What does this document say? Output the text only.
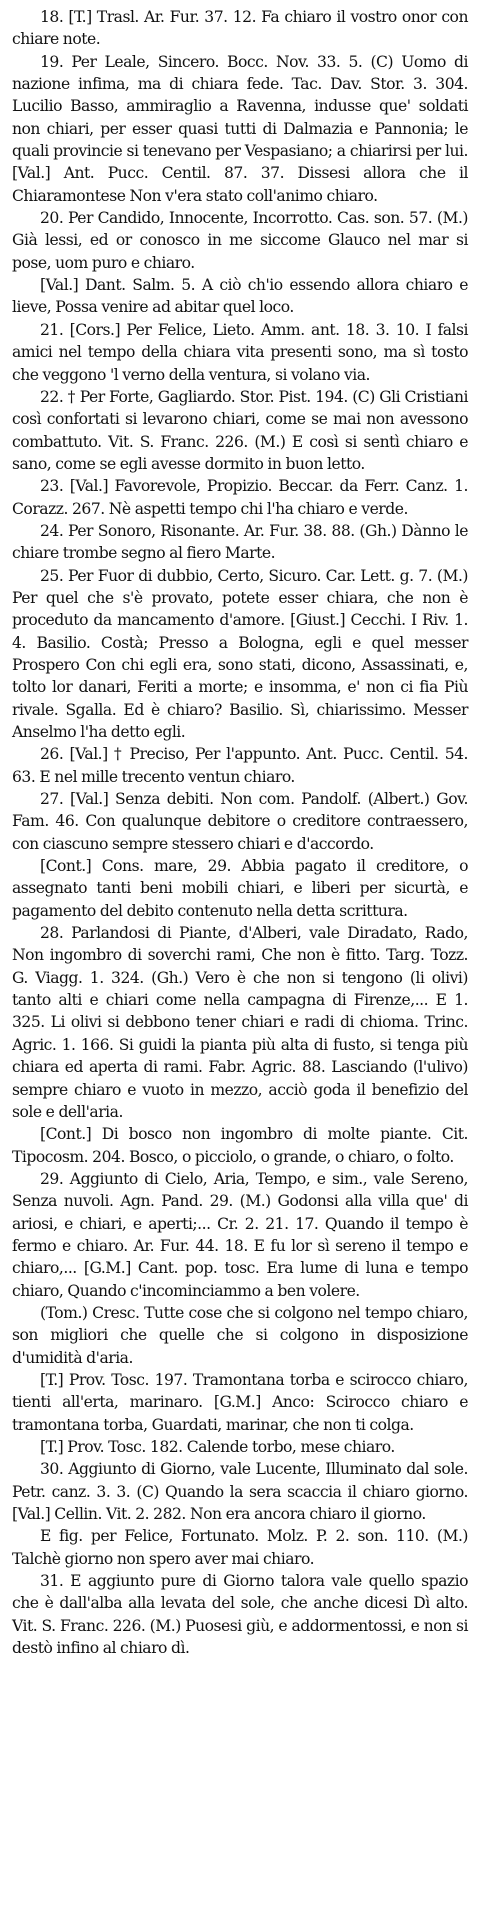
18. [T.] Trasl. Ar. Fur. 37. 12. Fa chiaro il vostro onor con chiare note.

19. Per Leale, Sincero. Bocc. Nov. 33. 5. (C) Uomo di nazione infima, ma di chiara fede. Tac. Dav. Stor. 3. 304. Lucilio Basso, ammiraglio a Ravenna, indusse que' soldati non chiari, per esser quasi tutti di Dalmazia e Pannonia; le quali provincie si tenevano per Vespasiano; a chiarirsi per lui. [Val.] Ant. Pucc. Centil. 87. 37. Dissesi allora che il Chiaramontese Non v'era stato coll'animo chiaro.

20. Per Candido, Innocente, Incorrotto. Cas. son. 57. (M.) Già lessi, ed or conosco in me siccome Glauco nel mar si pose, uom puro e chiaro.

[Val.] Dant. Salm. 5. A ciò ch'io essendo allora chiaro e lieve, Possa venire ad abitar quel loco.

21. [Cors.] Per Felice, Lieto. Amm. ant. 18. 3. 10. I falsi amici nel tempo della chiara vita presenti sono, ma sì tosto che veggono 'l verno della ventura, si volano via.

22. † Per Forte, Gagliardo. Stor. Pist. 194. (C) Gli Cristiani così confortati si levarono chiari, come se mai non avessono combattuto. Vit. S. Franc. 226. (M.) E così si sentì chiaro e sano, come se egli avesse dormito in buon letto.

23. [Val.] Favorevole, Propizio. Beccar. da Ferr. Canz. 1. Corazz. 267. Nè aspetti tempo chi l'ha chiaro e verde.

24. Per Sonoro, Risonante. Ar. Fur. 38. 88. (Gh.) Dànno le chiare trombe segno al fiero Marte.

25. Per Fuor di dubbio, Certo, Sicuro. Car. Lett. g. 7. (M.) Per quel che s'è provato, potete esser chiara, che non è proceduto da mancamento d'amore. [Giust.] Cecchi. I Riv. 1. 4. Basilio. Costà; Presso a Bologna, egli e quel messer Prospero Con chi egli era, sono stati, dicono, Assassinati, e, tolto lor danari, Feriti a morte; e insomma, e' non ci fia Più rivale. Sgalla. Ed è chiaro? Basilio. Sì, chiarissimo. Messer Anselmo l'ha detto egli.

26. [Val.] † Preciso, Per l'appunto. Ant. Pucc. Centil. 54. 63. E nel mille trecento ventun chiaro.

27. [Val.] Senza debiti. Non com. Pandolf. (Albert.) Gov. Fam. 46. Con qualunque debitore o creditore contraessero, con ciascuno sempre stessero chiari e d'accordo.

[Cont.] Cons. mare, 29. Abbia pagato il creditore, o assegnato tanti beni mobili chiari, e liberi per sicurtà, e pagamento del debito contenuto nella detta scrittura.

28. Parlandosi di Piante, d'Alberi, vale Diradato, Rado, Non ingombro di soverchi rami, Che non è fitto. Targ. Tozz. G. Viagg. 1. 324. (Gh.) Vero è che non si tengono (li olivi) tanto alti e chiari come nella campagna di Firenze,... E 1. 325. Li olivi si debbono tener chiari e radi di chioma. Trinc. Agric. 1. 166. Si guidi la pianta più alta di fusto, si tenga più chiara ed aperta di rami. Fabr. Agric. 88. Lasciando (l'ulivo) sempre chiaro e vuoto in mezzo, acciò goda il benefizio del sole e dell'aria.

[Cont.] Di bosco non ingombro di molte piante. Cit. Tipocosm. 204. Bosco, o picciolo, o grande, o chiaro, o folto.

29. Aggiunto di Cielo, Aria, Tempo, e sim., vale Sereno, Senza nuvoli. Agn. Pand. 29. (M.) Godonsi alla villa que' di ariosi, e chiari, e aperti;... Cr. 2. 21. 17. Quando il tempo è fermo e chiaro. Ar. Fur. 44. 18. E fu lor sì sereno il tempo e chiaro,... [G.M.] Cant. pop. tosc. Era lume di luna e tempo chiaro, Quando c'incominciammo a ben volere.

(Tom.) Cresc. Tutte cose che si colgono nel tempo chiaro, son migliori che quelle che si colgono in disposizione d'umidità d'aria.

[T.] Prov. Tosc. 197. Tramontana torba e scirocco chiaro, tienti all'erta, marinaro. [G.M.] Anco: Scirocco chiaro e tramontana torba, Guardati, marinar, che non ti colga.

[T.] Prov. Tosc. 182. Calende torbo, mese chiaro.

30. Aggiunto di Giorno, vale Lucente, Illuminato dal sole. Petr. canz. 3. 3. (C) Quando la sera scaccia il chiaro giorno. [Val.] Cellin. Vit. 2. 282. Non era ancora chiaro il giorno.

E fig. per Felice, Fortunato. Molz. P. 2. son. 110. (M.) Talchè giorno non spero aver mai chiaro.

31. E aggiunto pure di Giorno talora vale quello spazio che è dall'alba alla levata del sole, che anche dicesi Dì alto. Vit. S. Franc. 226. (M.) Puosesi giù, e addormentossi, e non si destò infino al chiaro dì.
